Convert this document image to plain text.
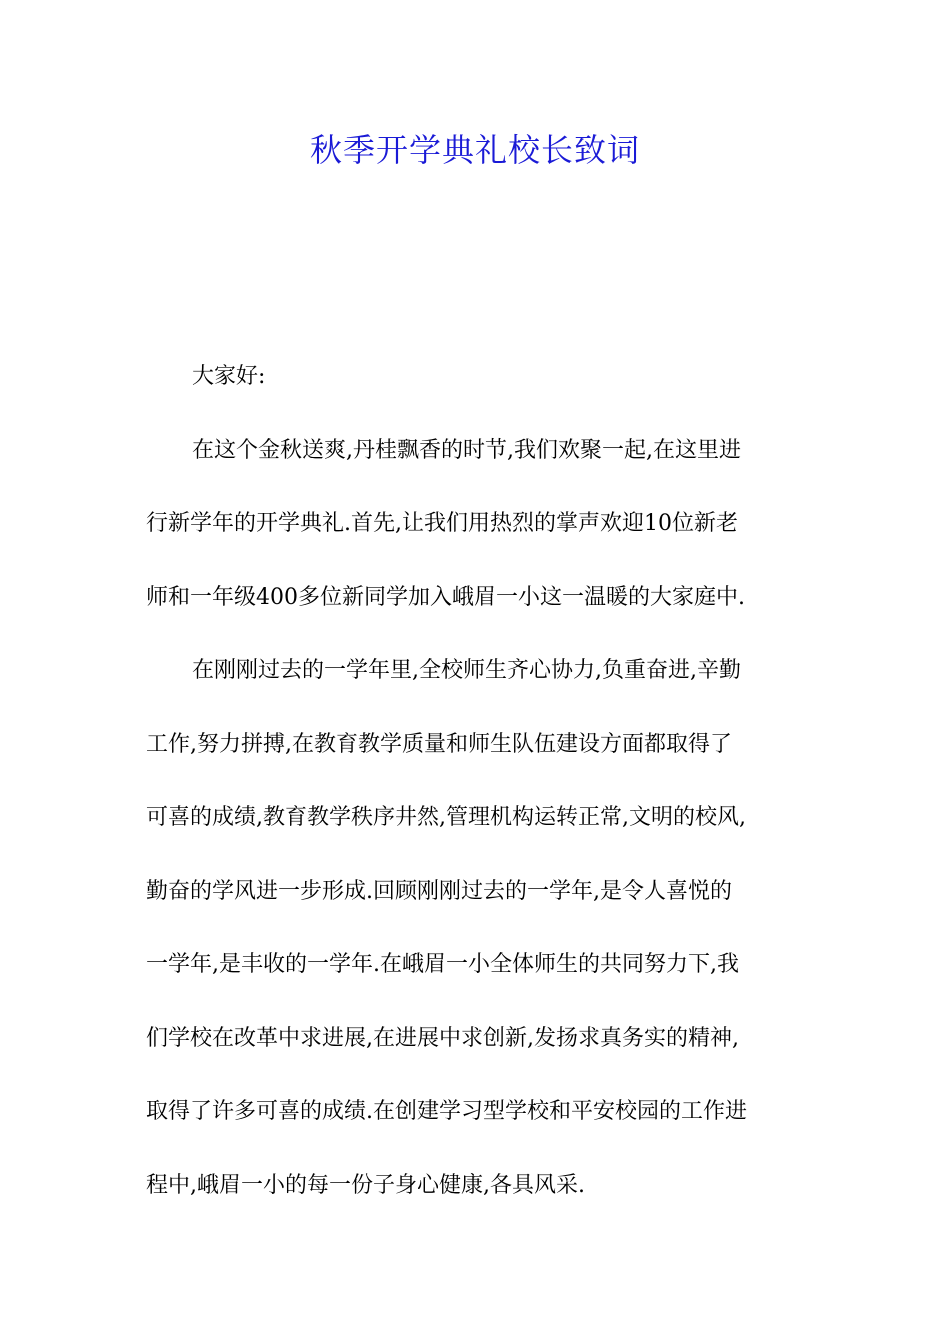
秋季开学典礼校长致词
大家好:
在这个金秋送爽,丹桂飘香的时节,我们欢聚一起,在这里进
行新学年的开学典礼.首先,让我们用热烈的掌声欢迎10位新老
师和一年级400多位新同学加入峨眉一小这一温暖的大家庭中.
在刚刚过去的一学年里,全校师生齐心协力,负重奋进,辛勤
工作,努力拼搏,在教育教学质量和师生队伍建设方面都取得了
可喜的成绩,教育教学秩序井然,管理机构运转正常,文明的校风,
勤奋的学风进一步形成.回顾刚刚过去的一学年,是令人喜悦的
一学年,是丰收的一学年.在峨眉一小全体师生的共同努力下,我
们学校在改革中求进展,在进展中求创新,发扬求真务实的精神,
取得了许多可喜的成绩.在创建学习型学校和平安校园的工作进
程中,峨眉一小的每一份子身心健康,各具风采.
